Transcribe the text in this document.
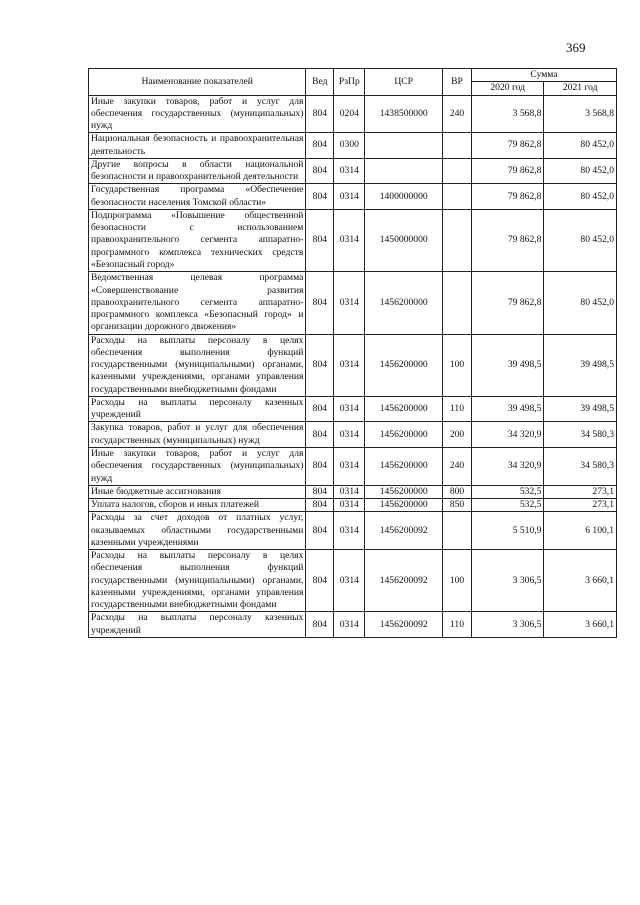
369
Наименование показателей	Вед	РзПр	ЦСР	ВР	Сумма	
					2020 год	2021 год
Иные закупки товаров, работ и услуг для обеспечения государственных (муниципальных) нужд	804	0204	1438500000	240	3 568,8	3 568,8
Национальная безопасность и правоохранительная деятельность	804	0300			79 862,8	80 452,0
Другие вопросы в области национальной безопасности и правоохранительной деятельности	804	0314			79 862,8	80 452,0
Государственная программа «Обеспечение безопасности населения Томской области»	804	0314	1400000000		79 862,8	80 452,0
Подпрограмма «Повышение общественной безопасности с использованием правоохранительного сегмента аппаратно-программного комплекса технических средств «Безопасный город»	804	0314	1450000000		79 862,8	80 452,0
Ведомственная целевая программа «Совершенствование развития правоохранительного сегмента аппаратно-программного комплекса «Безопасный город» и организации дорожного движения»	804	0314	1456200000		79 862,8	80 452,0
Расходы на выплаты персоналу в целях обеспечения выполнения функций государственными (муниципальными) органами, казенными учреждениями, органами управления государственными внебюджетными фондами	804	0314	1456200000	100	39 498,5	39 498,5
Расходы на выплаты персоналу казенных учреждений	804	0314	1456200000	110	39 498,5	39 498,5
Закупка товаров, работ и услуг для обеспечения государственных (муниципальных) нужд	804	0314	1456200000	200	34 320,9	34 580,3
Иные закупки товаров, работ и услуг для обеспечения государственных (муниципальных) нужд	804	0314	1456200000	240	34 320,9	34 580,3
Иные бюджетные ассигнования	804	0314	1456200000	800	532,5	273,1
Уплата налогов, сборов и иных платежей	804	0314	1456200000	850	532,5	273,1
Расходы за счет доходов от платных услуг, оказываемых областными государственными казенными учреждениями	804	0314	1456200092		5 510,9	6 100,1
Расходы на выплаты персоналу в целях обеспечения выполнения функций государственными (муниципальными) органами, казенными учреждениями, органами управления государственными внебюджетными фондами	804	0314	1456200092	100	3 306,5	3 660,1
Расходы на выплаты персоналу казенных учреждений	804	0314	1456200092	110	3 306,5	3 660,1
